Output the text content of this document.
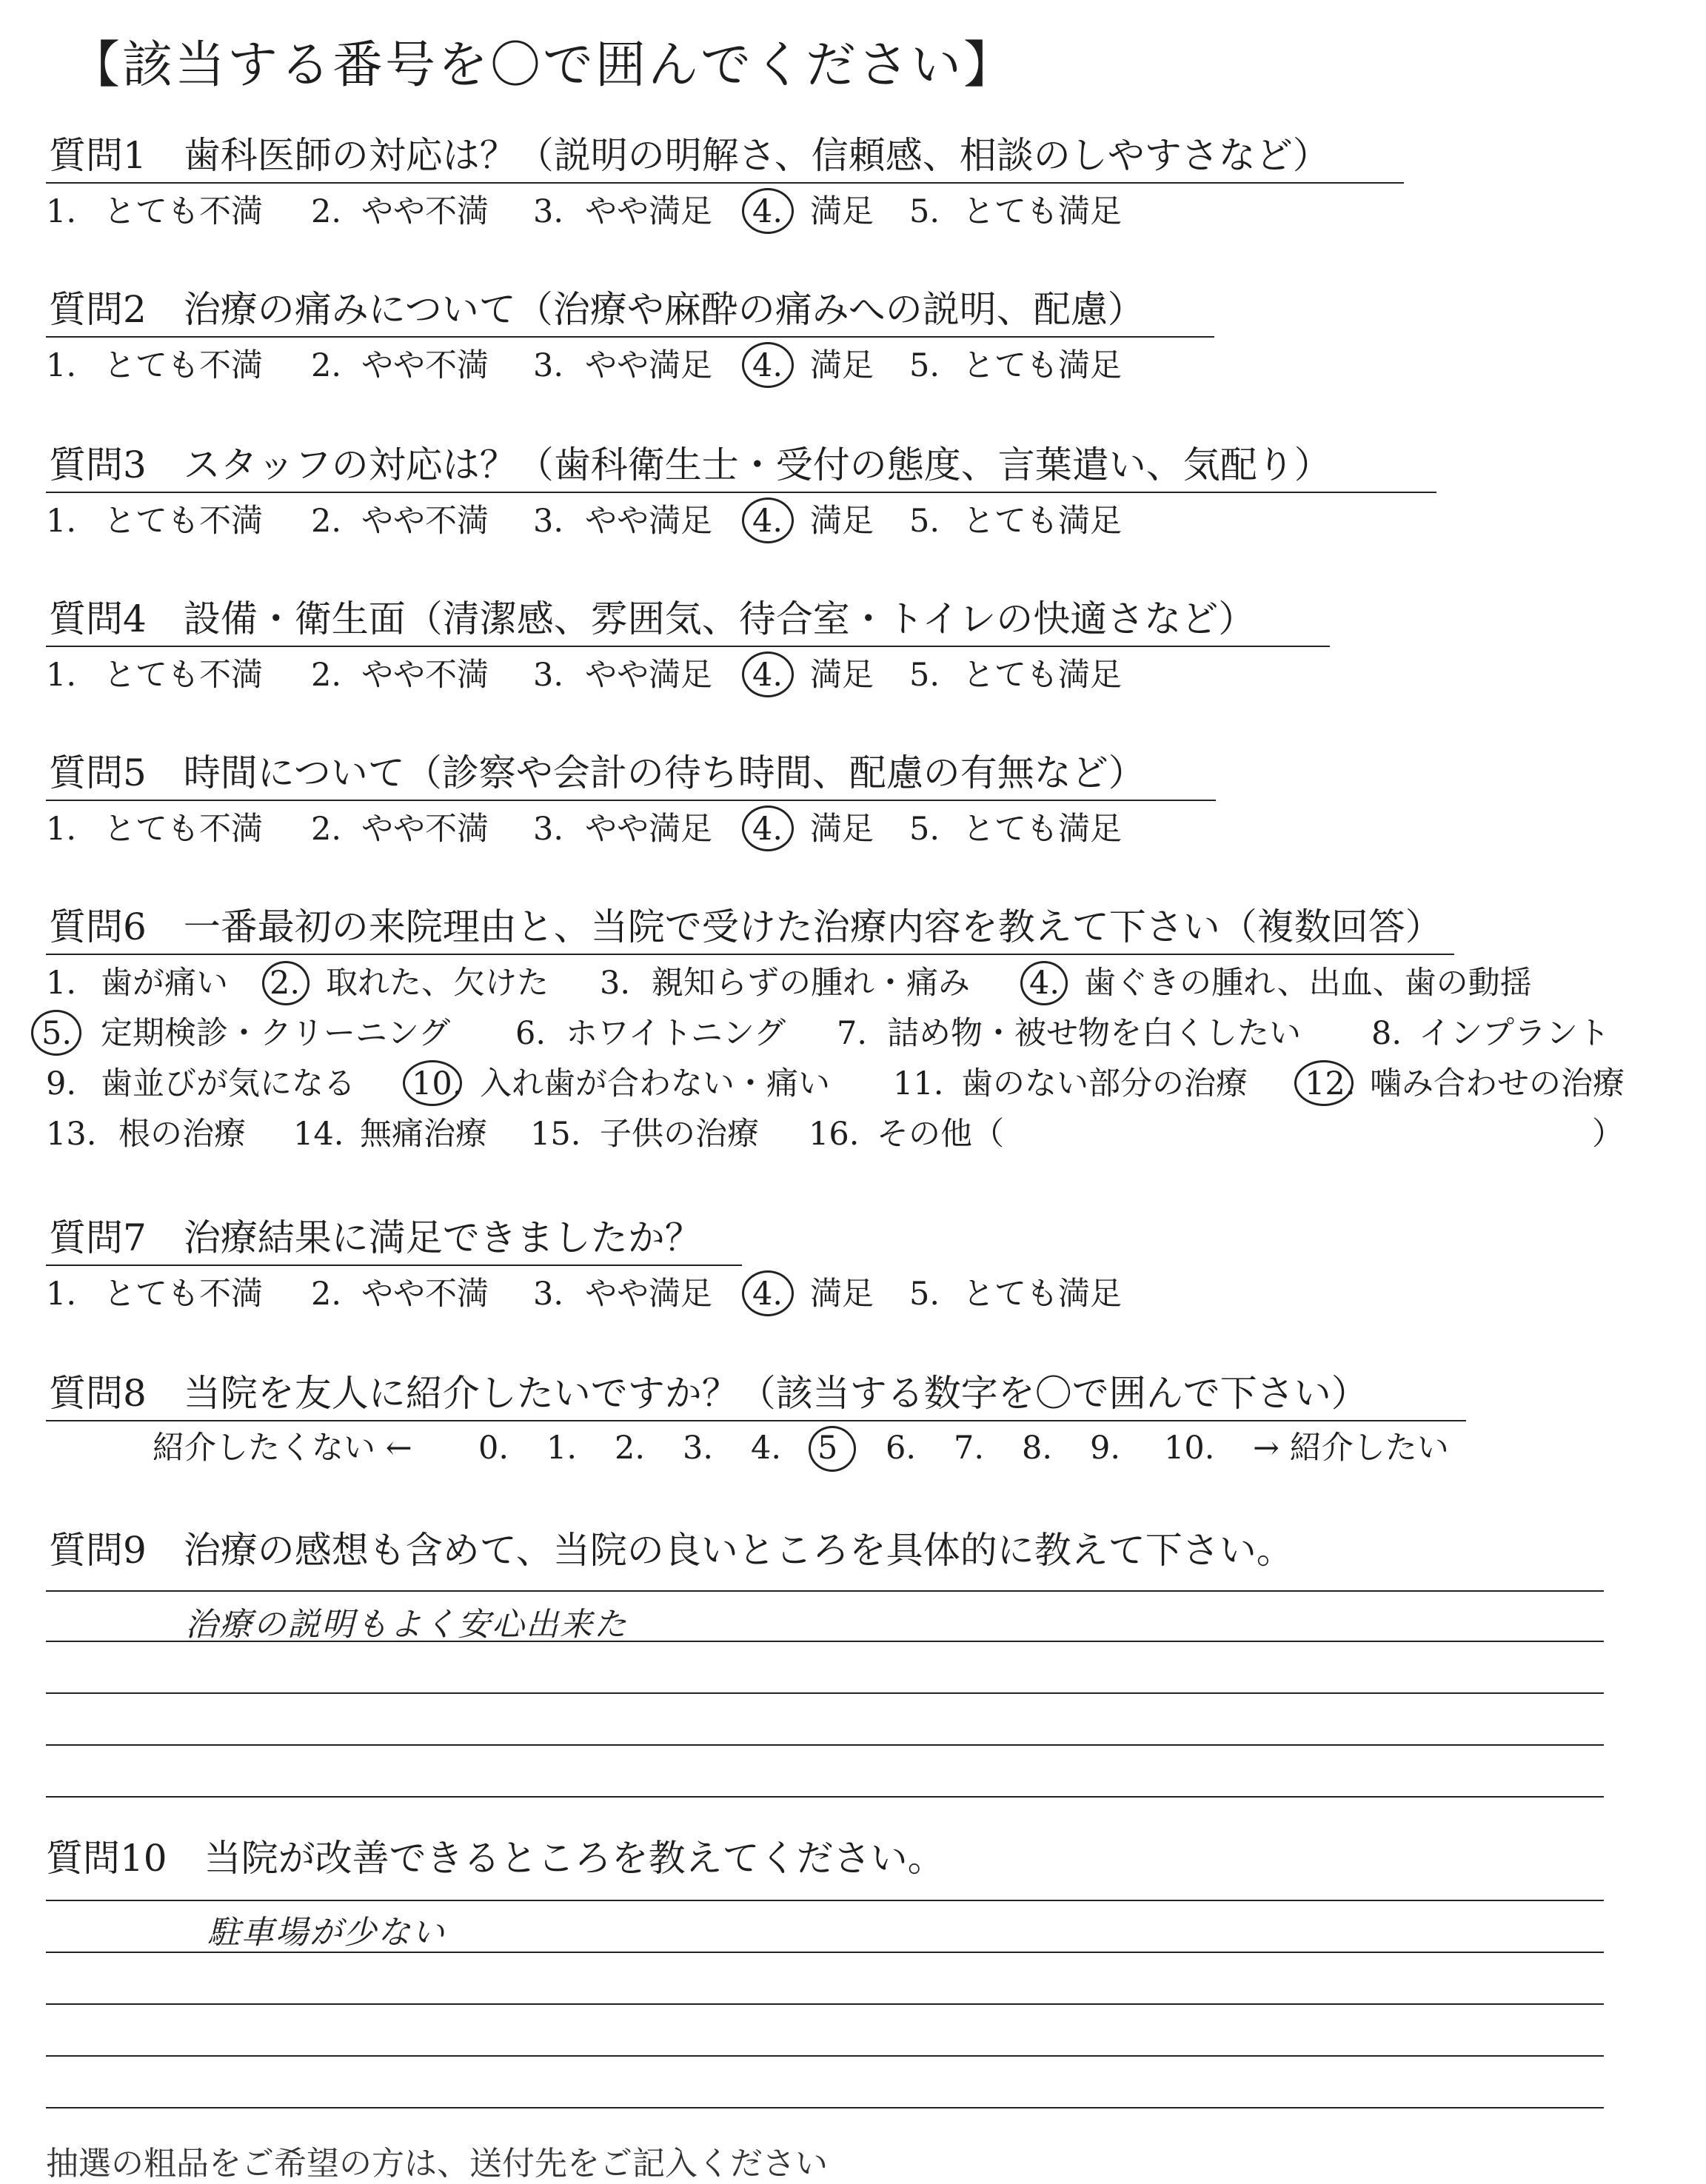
【該当する番号を〇で囲んでください】
質問1　歯科医師の対応は？（説明の明解さ、信頼感、相談のしやすさなど）
1. とても不満 2. やや不満 3. やや満足 4. 満足 5. とても満足
質問2　治療の痛みについて（治療や麻酔の痛みへの説明、配慮）
1. とても不満 2. やや不満 3. やや満足 4. 満足 5. とても満足
質問3　スタッフの対応は？（歯科衛生士・受付の態度、言葉遣い、気配り）
1. とても不満 2. やや不満 3. やや満足 4. 満足 5. とても満足
質問4　設備・衛生面（清潔感、雰囲気、待合室・トイレの快適さなど）
1. とても不満 2. やや不満 3. やや満足 4. 満足 5. とても満足
質問5　時間について（診察や会計の待ち時間、配慮の有無など）
1. とても不満 2. やや不満 3. やや満足 4. 満足 5. とても満足
質問6　一番最初の来院理由と、当院で受けた治療内容を教えて下さい（複数回答）
1. 歯が痛い 2. 取れた、欠けた 3. 親知らずの腫れ・痛み 4. 歯ぐきの腫れ、出血、歯の動揺
5. 定期検診・クリーニング 6. ホワイトニング 7. 詰め物・被せ物を白くしたい 8. インプラント
9. 歯並びが気になる 10. 入れ歯が合わない・痛い 11. 歯のない部分の治療 12. 噛み合わせの治療
13. 根の治療 14. 無痛治療 15. 子供の治療 16. その他（	）
質問7　治療結果に満足できましたか？
1. とても不満 2. やや不満 3. やや満足 4. 満足 5. とても満足
質問8　当院を友人に紹介したいですか？（該当する数字を〇で囲んで下さい）
紹介したくない ← 0. 1. 2. 3. 4. 5 6. 7. 8. 9. 10. → 紹介したい
質問9　治療の感想も含めて、当院の良いところを具体的に教えて下さい。
治療の説明もよく安心出来た
質問10　当院が改善できるところを教えてください。
駐車場が少ない
抽選の粗品をご希望の方は、送付先をご記入ください
